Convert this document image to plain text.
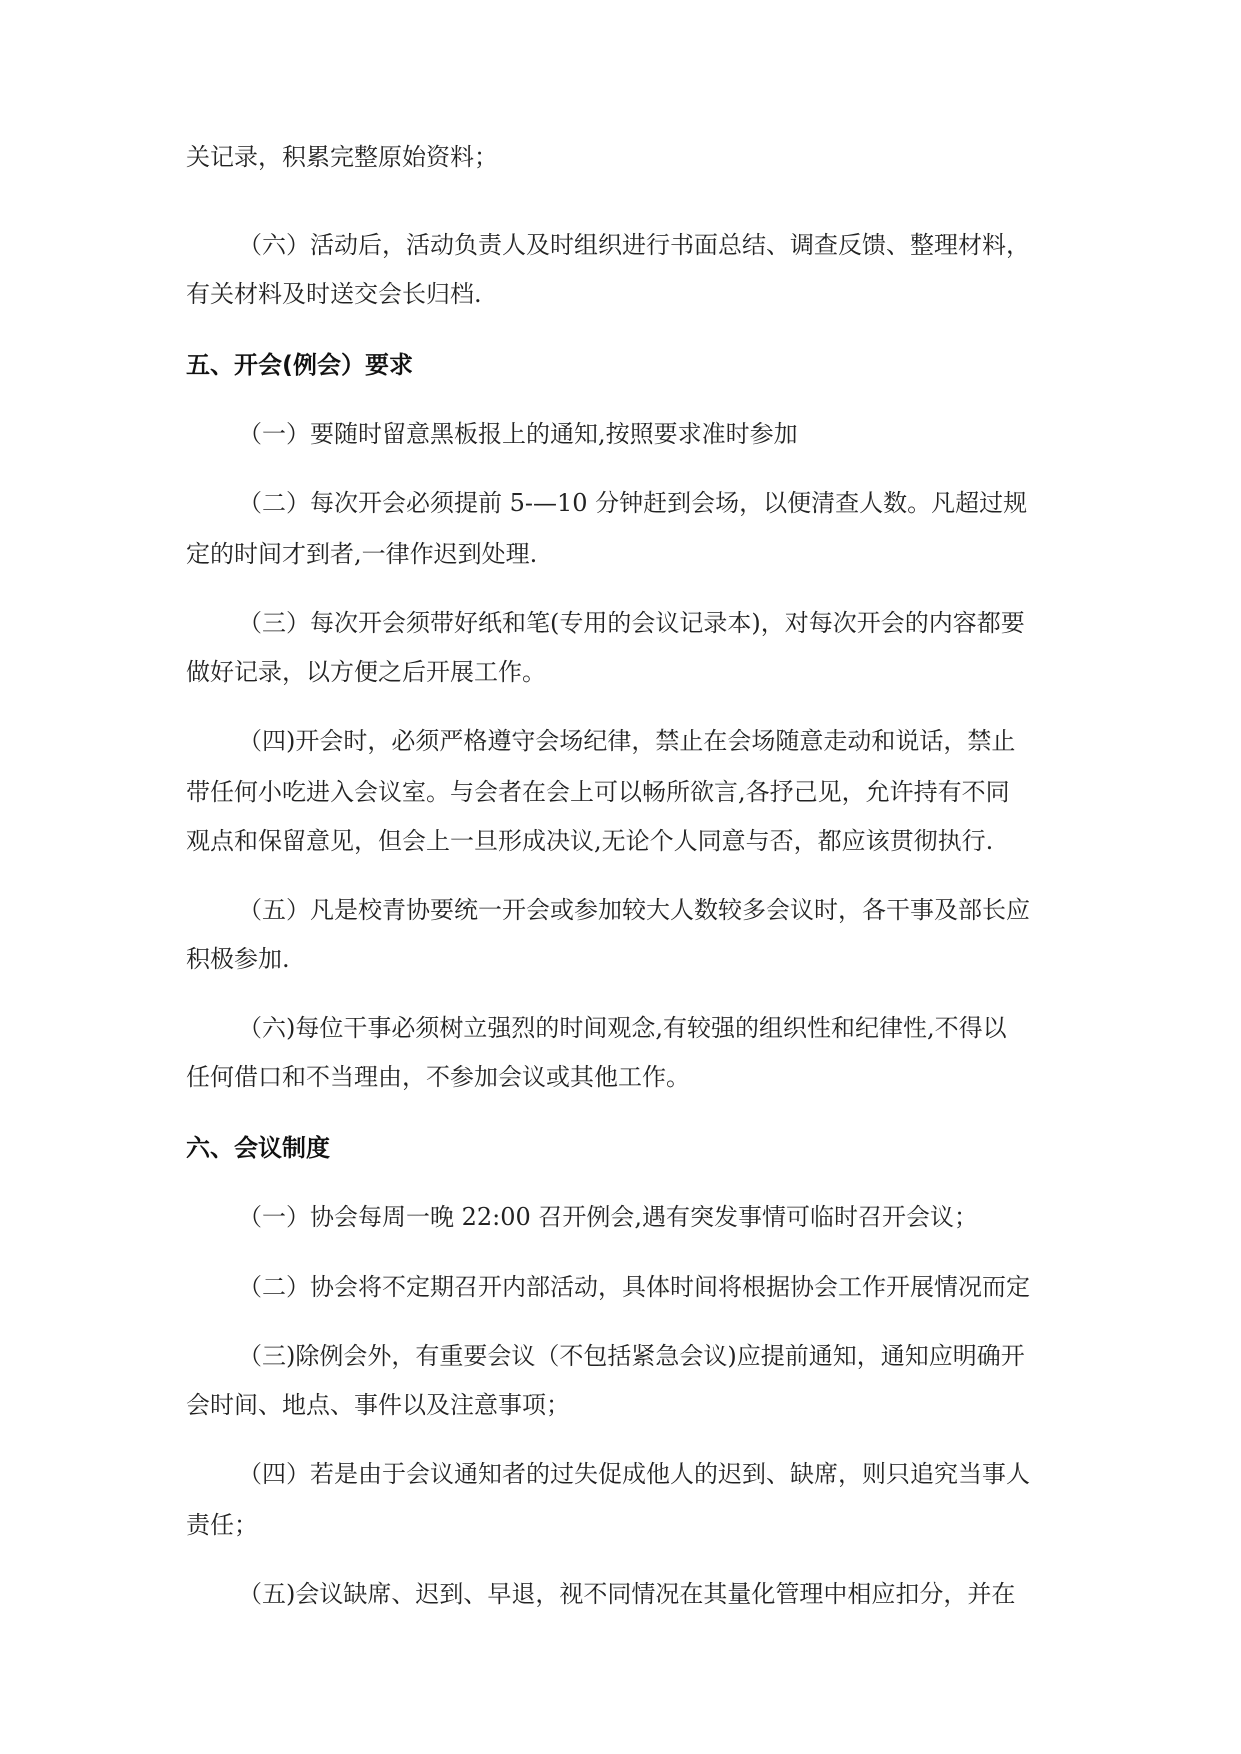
关记录，积累完整原始资料；
（六）活动后，活动负责人及时组织进行书面总结、调查反馈、整理材料，
有关材料及时送交会长归档.
五、开会(例会）要求
（一）要随时留意黑板报上的通知,按照要求准时参加
（二）每次开会必须提前 5-—10 分钟赶到会场，以便清查人数。凡超过规
定的时间才到者,一律作迟到处理.
（三）每次开会须带好纸和笔(专用的会议记录本)，对每次开会的内容都要
做好记录，以方便之后开展工作。
（四)开会时，必须严格遵守会场纪律，禁止在会场随意走动和说话，禁止
带任何小吃进入会议室。与会者在会上可以畅所欲言,各抒己见，允许持有不同
观点和保留意见，但会上一旦形成决议,无论个人同意与否，都应该贯彻执行.
（五）凡是校青协要统一开会或参加较大人数较多会议时，各干事及部长应
积极参加.
（六)每位干事必须树立强烈的时间观念,有较强的组织性和纪律性,不得以
任何借口和不当理由，不参加会议或其他工作。
六、会议制度
（一）协会每周一晚 22:00 召开例会,遇有突发事情可临时召开会议；
（二）协会将不定期召开内部活动，具体时间将根据协会工作开展情况而定
（三)除例会外，有重要会议（不包括紧急会议)应提前通知，通知应明确开
会时间、地点、事件以及注意事项；
（四）若是由于会议通知者的过失促成他人的迟到、缺席，则只追究当事人
责任；
（五)会议缺席、迟到、早退，视不同情况在其量化管理中相应扣分，并在
